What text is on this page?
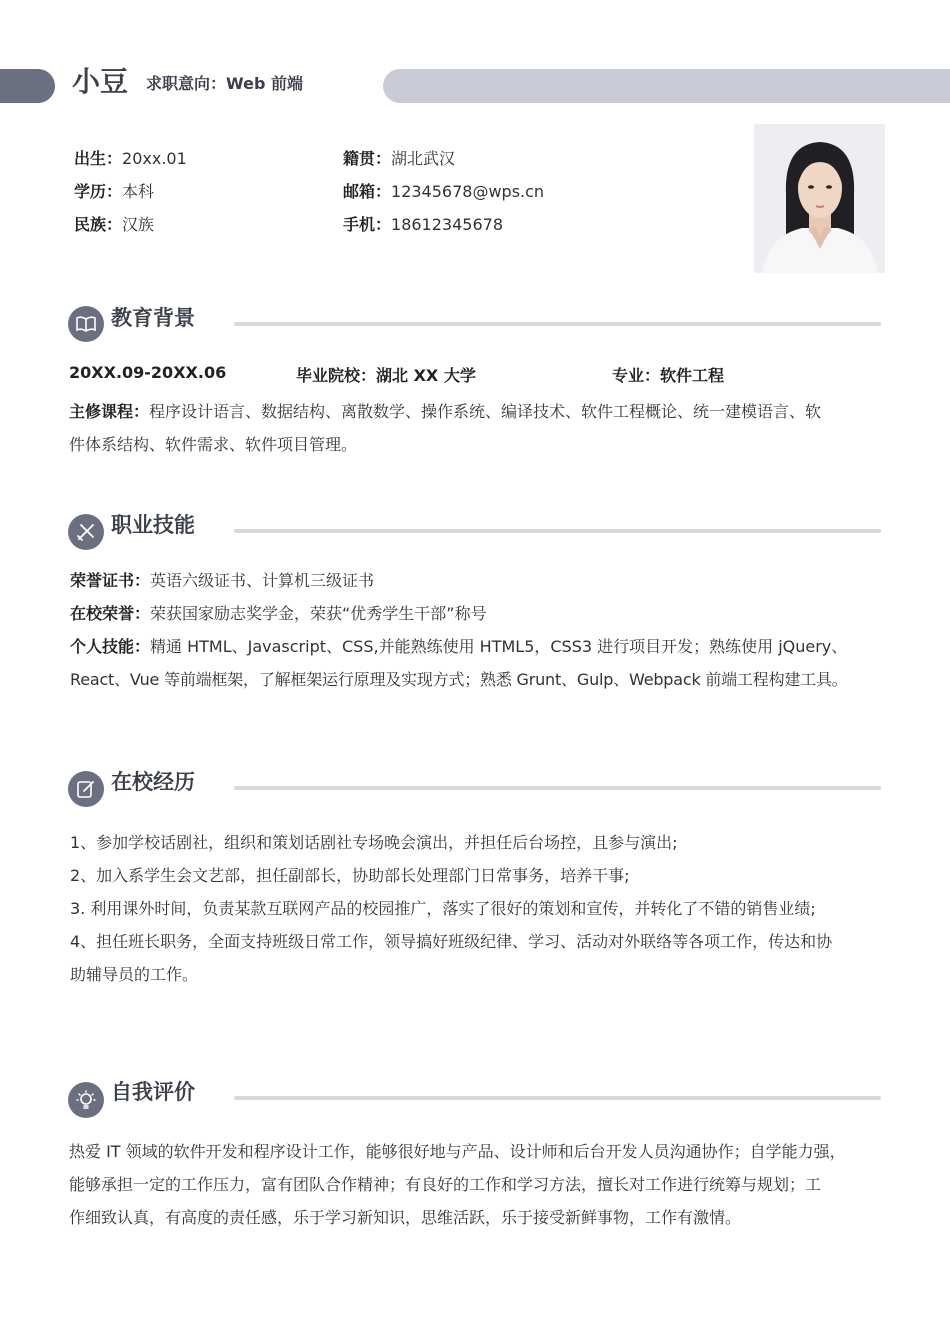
小豆 求职意向：Web 前端
出生：20xx.01	籍贯：湖北武汉
学历：本科	邮箱：12345678@wps.cn
民族：汉族	手机：18612345678
教育背景
20XX.09-20XX.06	毕业院校：湖北 XX 大学	专业：软件工程
主修课程：程序设计语言、数据结构、离散数学、操作系统、编译技术、软件工程概论、统一建模语言、软
件体系结构、软件需求、软件项目管理。
职业技能
荣誉证书：英语六级证书、计算机三级证书
在校荣誉：荣获国家励志奖学金，荣获“优秀学生干部”称号
个人技能：精通 HTML、Javascript、CSS,并能熟练使用 HTML5，CSS3 进行项目开发；熟练使用 jQuery、
React、Vue 等前端框架，了解框架运行原理及实现方式；熟悉 Grunt、Gulp、Webpack 前端工程构建工具。
在校经历
1、参加学校话剧社，组织和策划话剧社专场晚会演出，并担任后台场控，且参与演出;
2、加入系学生会文艺部，担任副部长，协助部长处理部门日常事务，培养干事;
3. 利用课外时间，负责某款互联网产品的校园推广，落实了很好的策划和宣传，并转化了不错的销售业绩;
4、担任班长职务，全面支持班级日常工作，领导搞好班级纪律、学习、活动对外联络等各项工作，传达和协
助辅导员的工作。
自我评价
热爱 IT 领域的软件开发和程序设计工作，能够很好地与产品、设计师和后台开发人员沟通协作；自学能力强，
能够承担一定的工作压力，富有团队合作精神；有良好的工作和学习方法，擅长对工作进行统筹与规划；工
作细致认真，有高度的责任感，乐于学习新知识，思维活跃，乐于接受新鲜事物，工作有激情。
